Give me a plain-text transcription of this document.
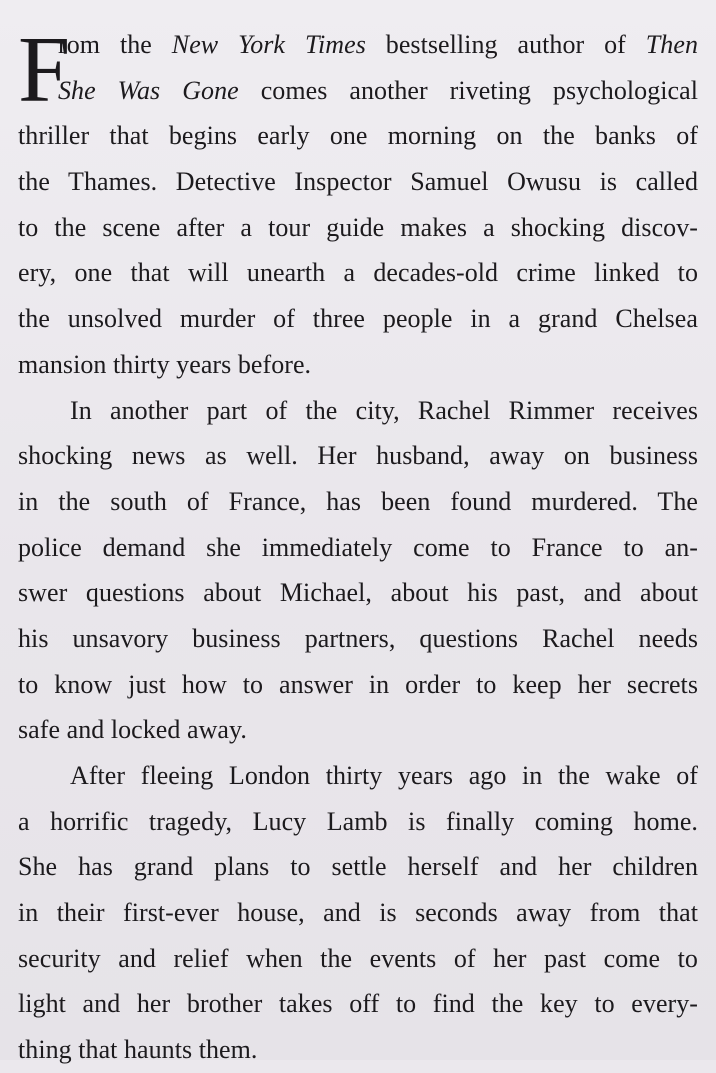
F
rom the New York Times bestselling author of Then
She Was Gone comes another riveting psychological
thriller that begins early one morning on the banks of
the Thames. Detective Inspector Samuel Owusu is called
to the scene after a tour guide makes a shocking discov-
ery, one that will unearth a decades-old crime linked to
the unsolved murder of three people in a grand Chelsea
mansion thirty years before.
In another part of the city, Rachel Rimmer receives
shocking news as well. Her husband, away on business
in the south of France, has been found murdered. The
police demand she immediately come to France to an-
swer questions about Michael, about his past, and about
his unsavory business partners, questions Rachel needs
to know just how to answer in order to keep her secrets
safe and locked away.
After fleeing London thirty years ago in the wake of
a horrific tragedy, Lucy Lamb is finally coming home.
She has grand plans to settle herself and her children
in their first-ever house, and is seconds away from that
security and relief when the events of her past come to
light and her brother takes off to find the key to every-
thing that haunts them.
